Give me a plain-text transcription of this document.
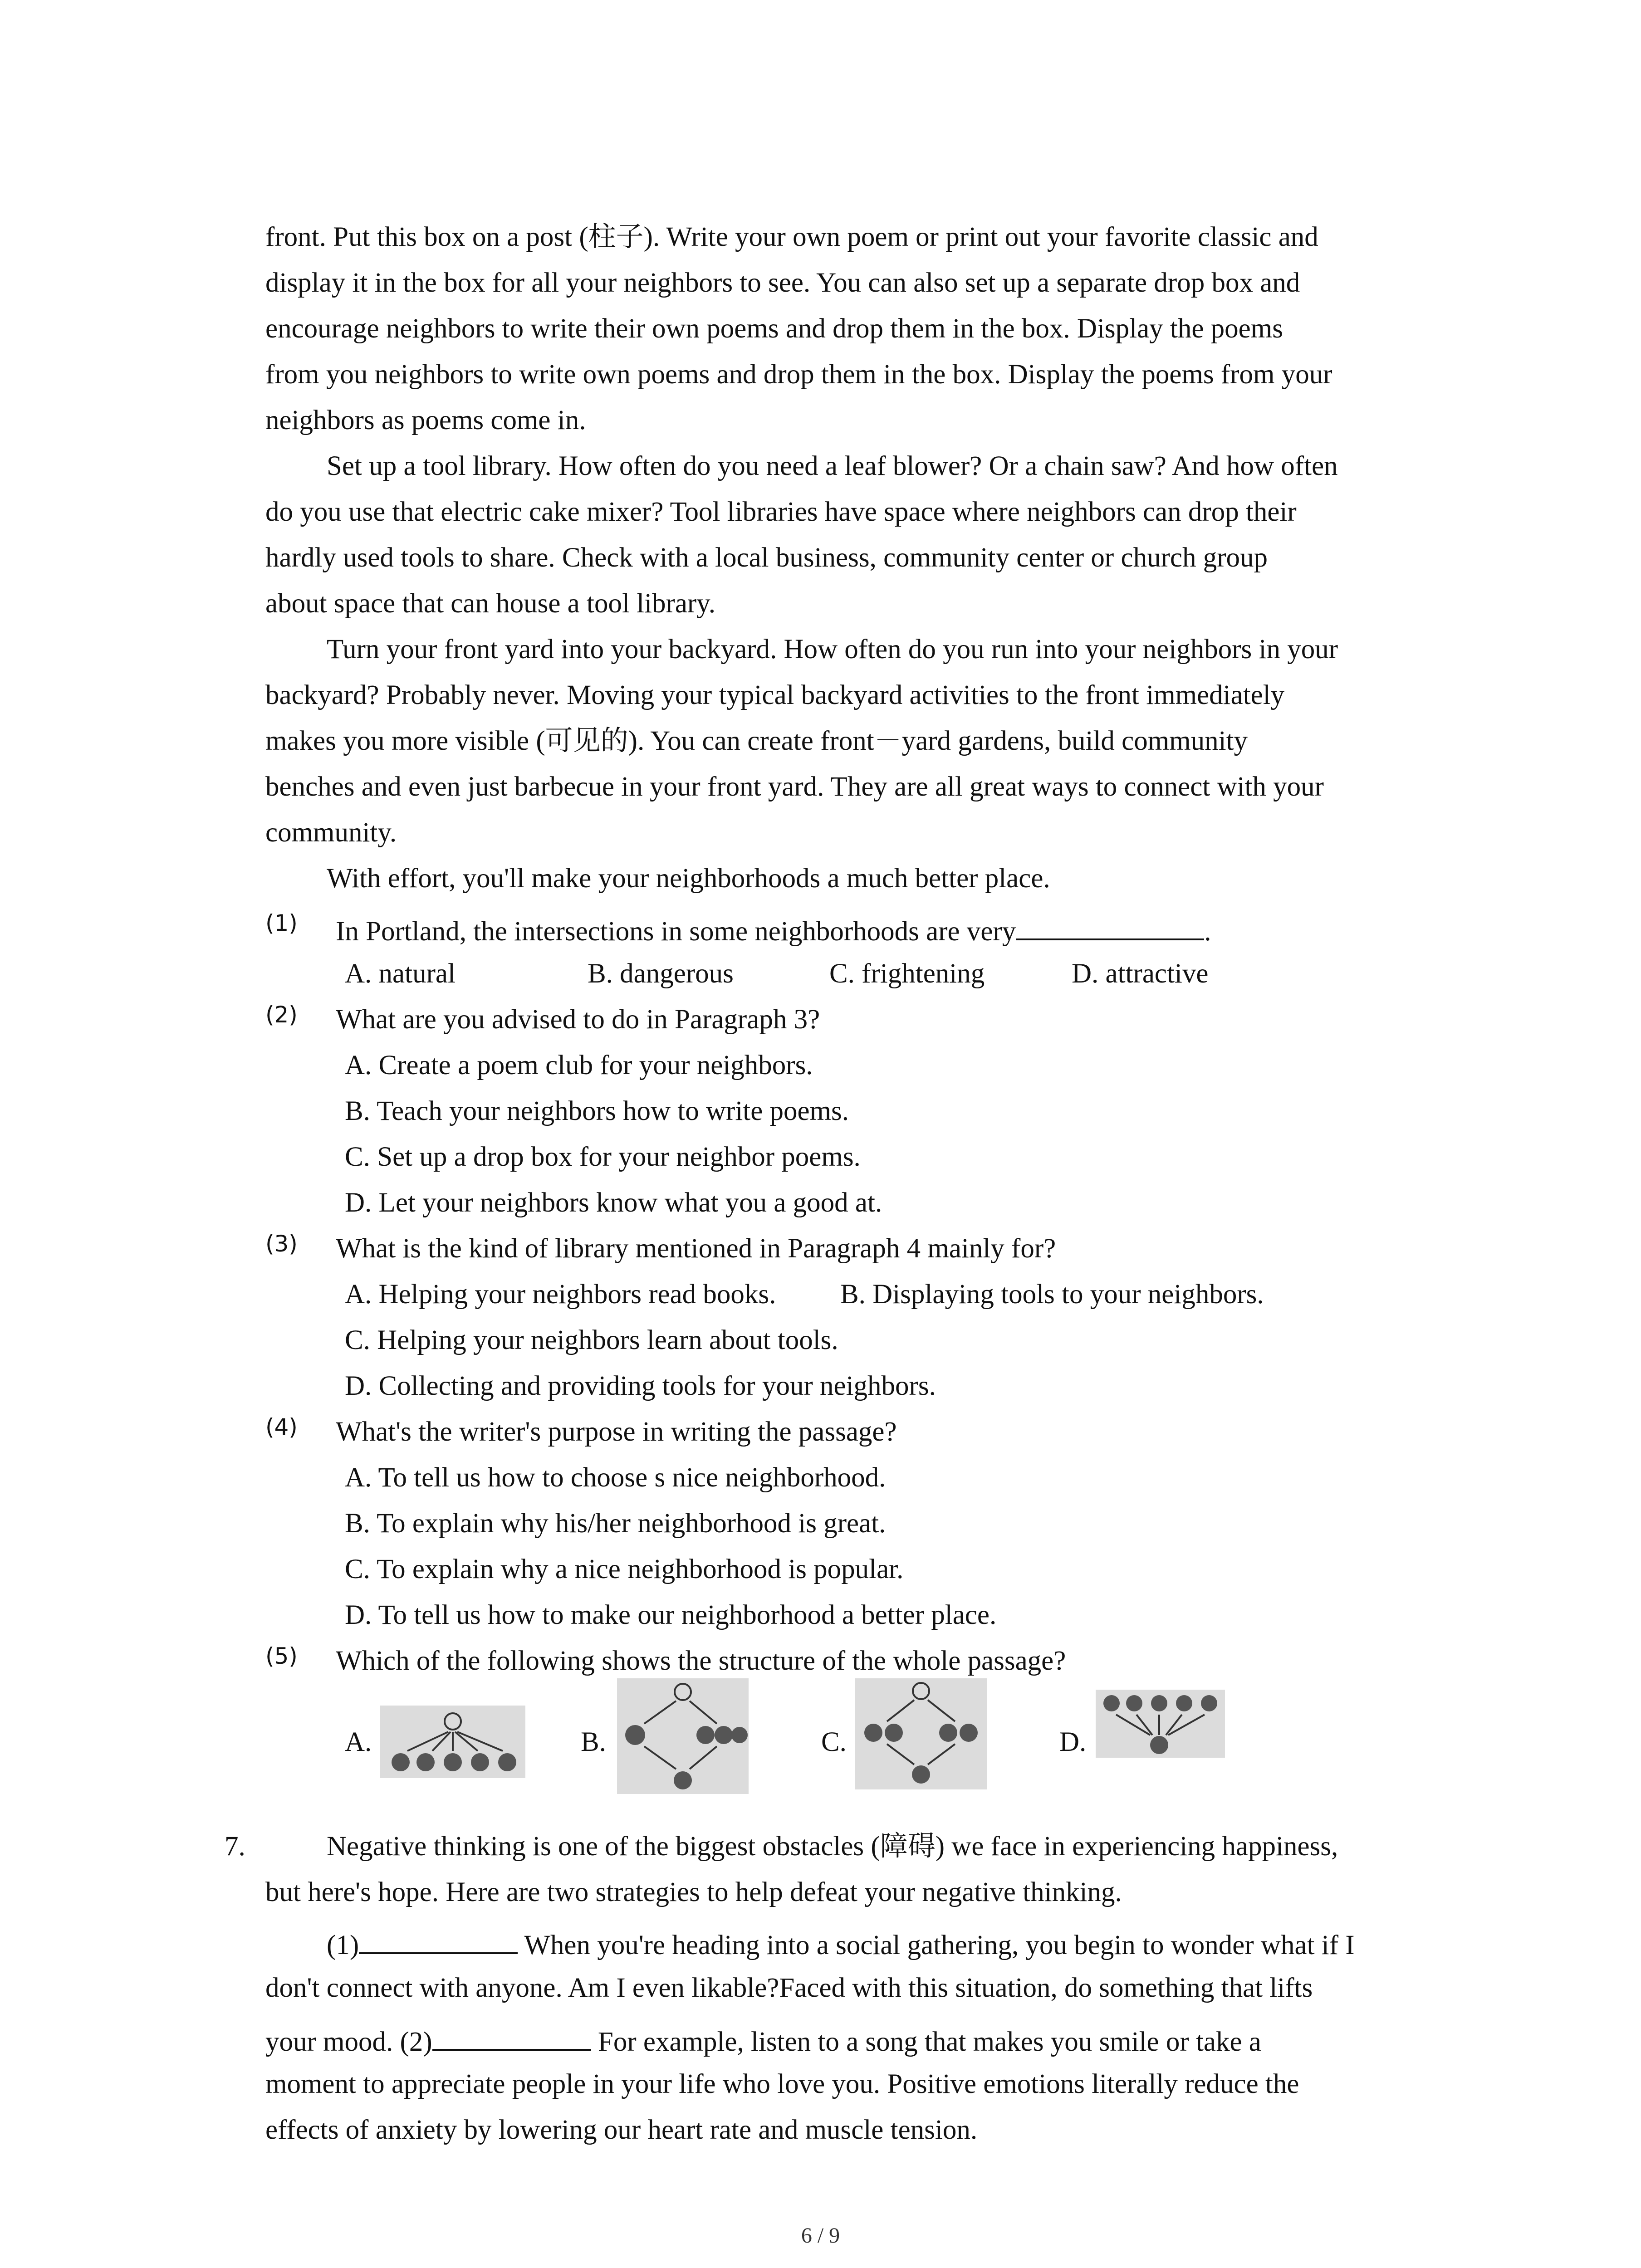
front. Put this box on a post (柱子). Write your own poem or print out your favorite classic and
display it in the box for all your neighbors to see. You can also set up a separate drop box and
encourage neighbors to write their own poems and drop them in the box. Display the poems
from you neighbors to write own poems and drop them in the box. Display the poems from your
neighbors as poems come in.
Set up a tool library. How often do you need a leaf blower? Or a chain saw? And how often
do you use that electric cake mixer? Tool libraries have space where neighbors can drop their
hardly used tools to share. Check with a local business, community center or church group
about space that can house a tool library.
Turn your front yard into your backyard. How often do you run into your neighbors in your
backyard? Probably never. Moving your typical backyard activities to the front immediately
makes you more visible (可见的). You can create front－yard gardens, build community
benches and even just barbecue in your front yard. They are all great ways to connect with your
community.
With effort, you'll make your neighborhoods a much better place.
(1) In Portland, the intersections in some neighborhoods are very	.
A. natural	B. dangerous	C. frightening	D. attractive
(2) What are you advised to do in Paragraph 3?
A. Create a poem club for your neighbors.
B. Teach your neighbors how to write poems.
C. Set up a drop box for your neighbor poems.
D. Let your neighbors know what you a good at.
(3) What is the kind of library mentioned in Paragraph 4 mainly for?
A. Helping your neighbors read books. B. Displaying tools to your neighbors.
C. Helping your neighbors learn about tools.
D. Collecting and providing tools for your neighbors.
(4) What's the writer's purpose in writing the passage?
A. To tell us how to choose s nice neighborhood.
B. To explain why his/her neighborhood is great.
C. To explain why a nice neighborhood is popular.
D. To tell us how to make our neighborhood a better place.
(5) Which of the following shows the structure of the whole passage?
A.	B.	C.	D.
7.	Negative thinking is one of the biggest obstacles (障碍) we face in experiencing happiness,
but here's hope. Here are two strategies to help defeat your negative thinking.
(1)	When you're heading into a social gathering, you begin to wonder what if I
don't connect with anyone. Am I even likable?Faced with this situation, do something that lifts
your mood. (2)	For example, listen to a song that makes you smile or take a
moment to appreciate people in your life who love you. Positive emotions literally reduce the
effects of anxiety by lowering our heart rate and muscle tension.
6 / 9
